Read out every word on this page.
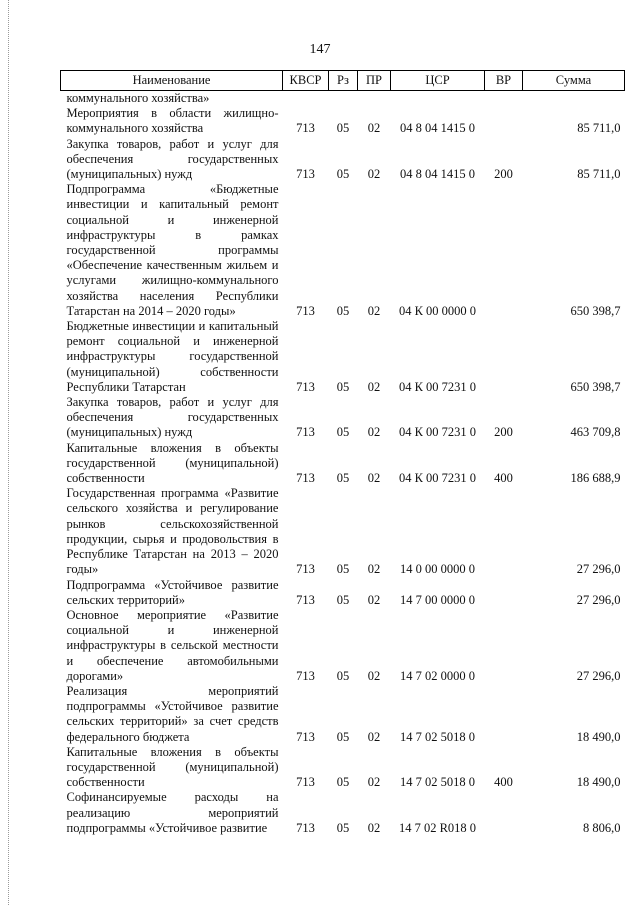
147
Наименование	КВСР	Рз	ПР	ЦСР	ВР	Сумма
коммунального хозяйства»						
Мероприятия в области жилищно-коммунального хозяйства	713	05	02	04 8 04 1415 0		85 711,0
Закупка товаров, работ и услуг для обеспечения государственных (муниципальных) нужд	713	05	02	04 8 04 1415 0	200	85 711,0
Подпрограмма «Бюджетные инвестиции и капитальный ремонт социальной и инженерной инфраструктуры в рамках государственной программы «Обеспечение качественным жильем и услугами жилищно-коммунального хозяйства населения Республики Татарстан на 2014 – 2020 годы»	713	05	02	04 К 00 0000 0		650 398,7
Бюджетные инвестиции и капитальный ремонт социальной и инженерной инфраструктуры государственной (муниципальной) собственности Республики Татарстан	713	05	02	04 К 00 7231 0		650 398,7
Закупка товаров, работ и услуг для обеспечения государственных (муниципальных) нужд	713	05	02	04 К 00 7231 0	200	463 709,8
Капитальные вложения в объекты государственной (муниципальной) собственности	713	05	02	04 К 00 7231 0	400	186 688,9
Государственная программа «Развитие сельского хозяйства и регулирование рынков сельскохозяйственной продукции, сырья и продовольствия в Республике Татарстан на 2013 – 2020 годы»	713	05	02	14 0 00 0000 0		27 296,0
Подпрограмма «Устойчивое развитие сельских территорий»	713	05	02	14 7 00 0000 0		27 296,0
Основное мероприятие «Развитие социальной и инженерной инфраструктуры в сельской местности и обеспечение автомобильными дорогами»	713	05	02	14 7 02 0000 0		27 296,0
Реализация мероприятий подпрограммы «Устойчивое развитие сельских территорий» за счет средств федерального бюджета	713	05	02	14 7 02 5018 0		18 490,0
Капитальные вложения в объекты государственной (муниципальной) собственности	713	05	02	14 7 02 5018 0	400	18 490,0
Софинансируемые расходы на реализацию мероприятий подпрограммы «Устойчивое развитие	713	05	02	14 7 02 R018 0		8 806,0
